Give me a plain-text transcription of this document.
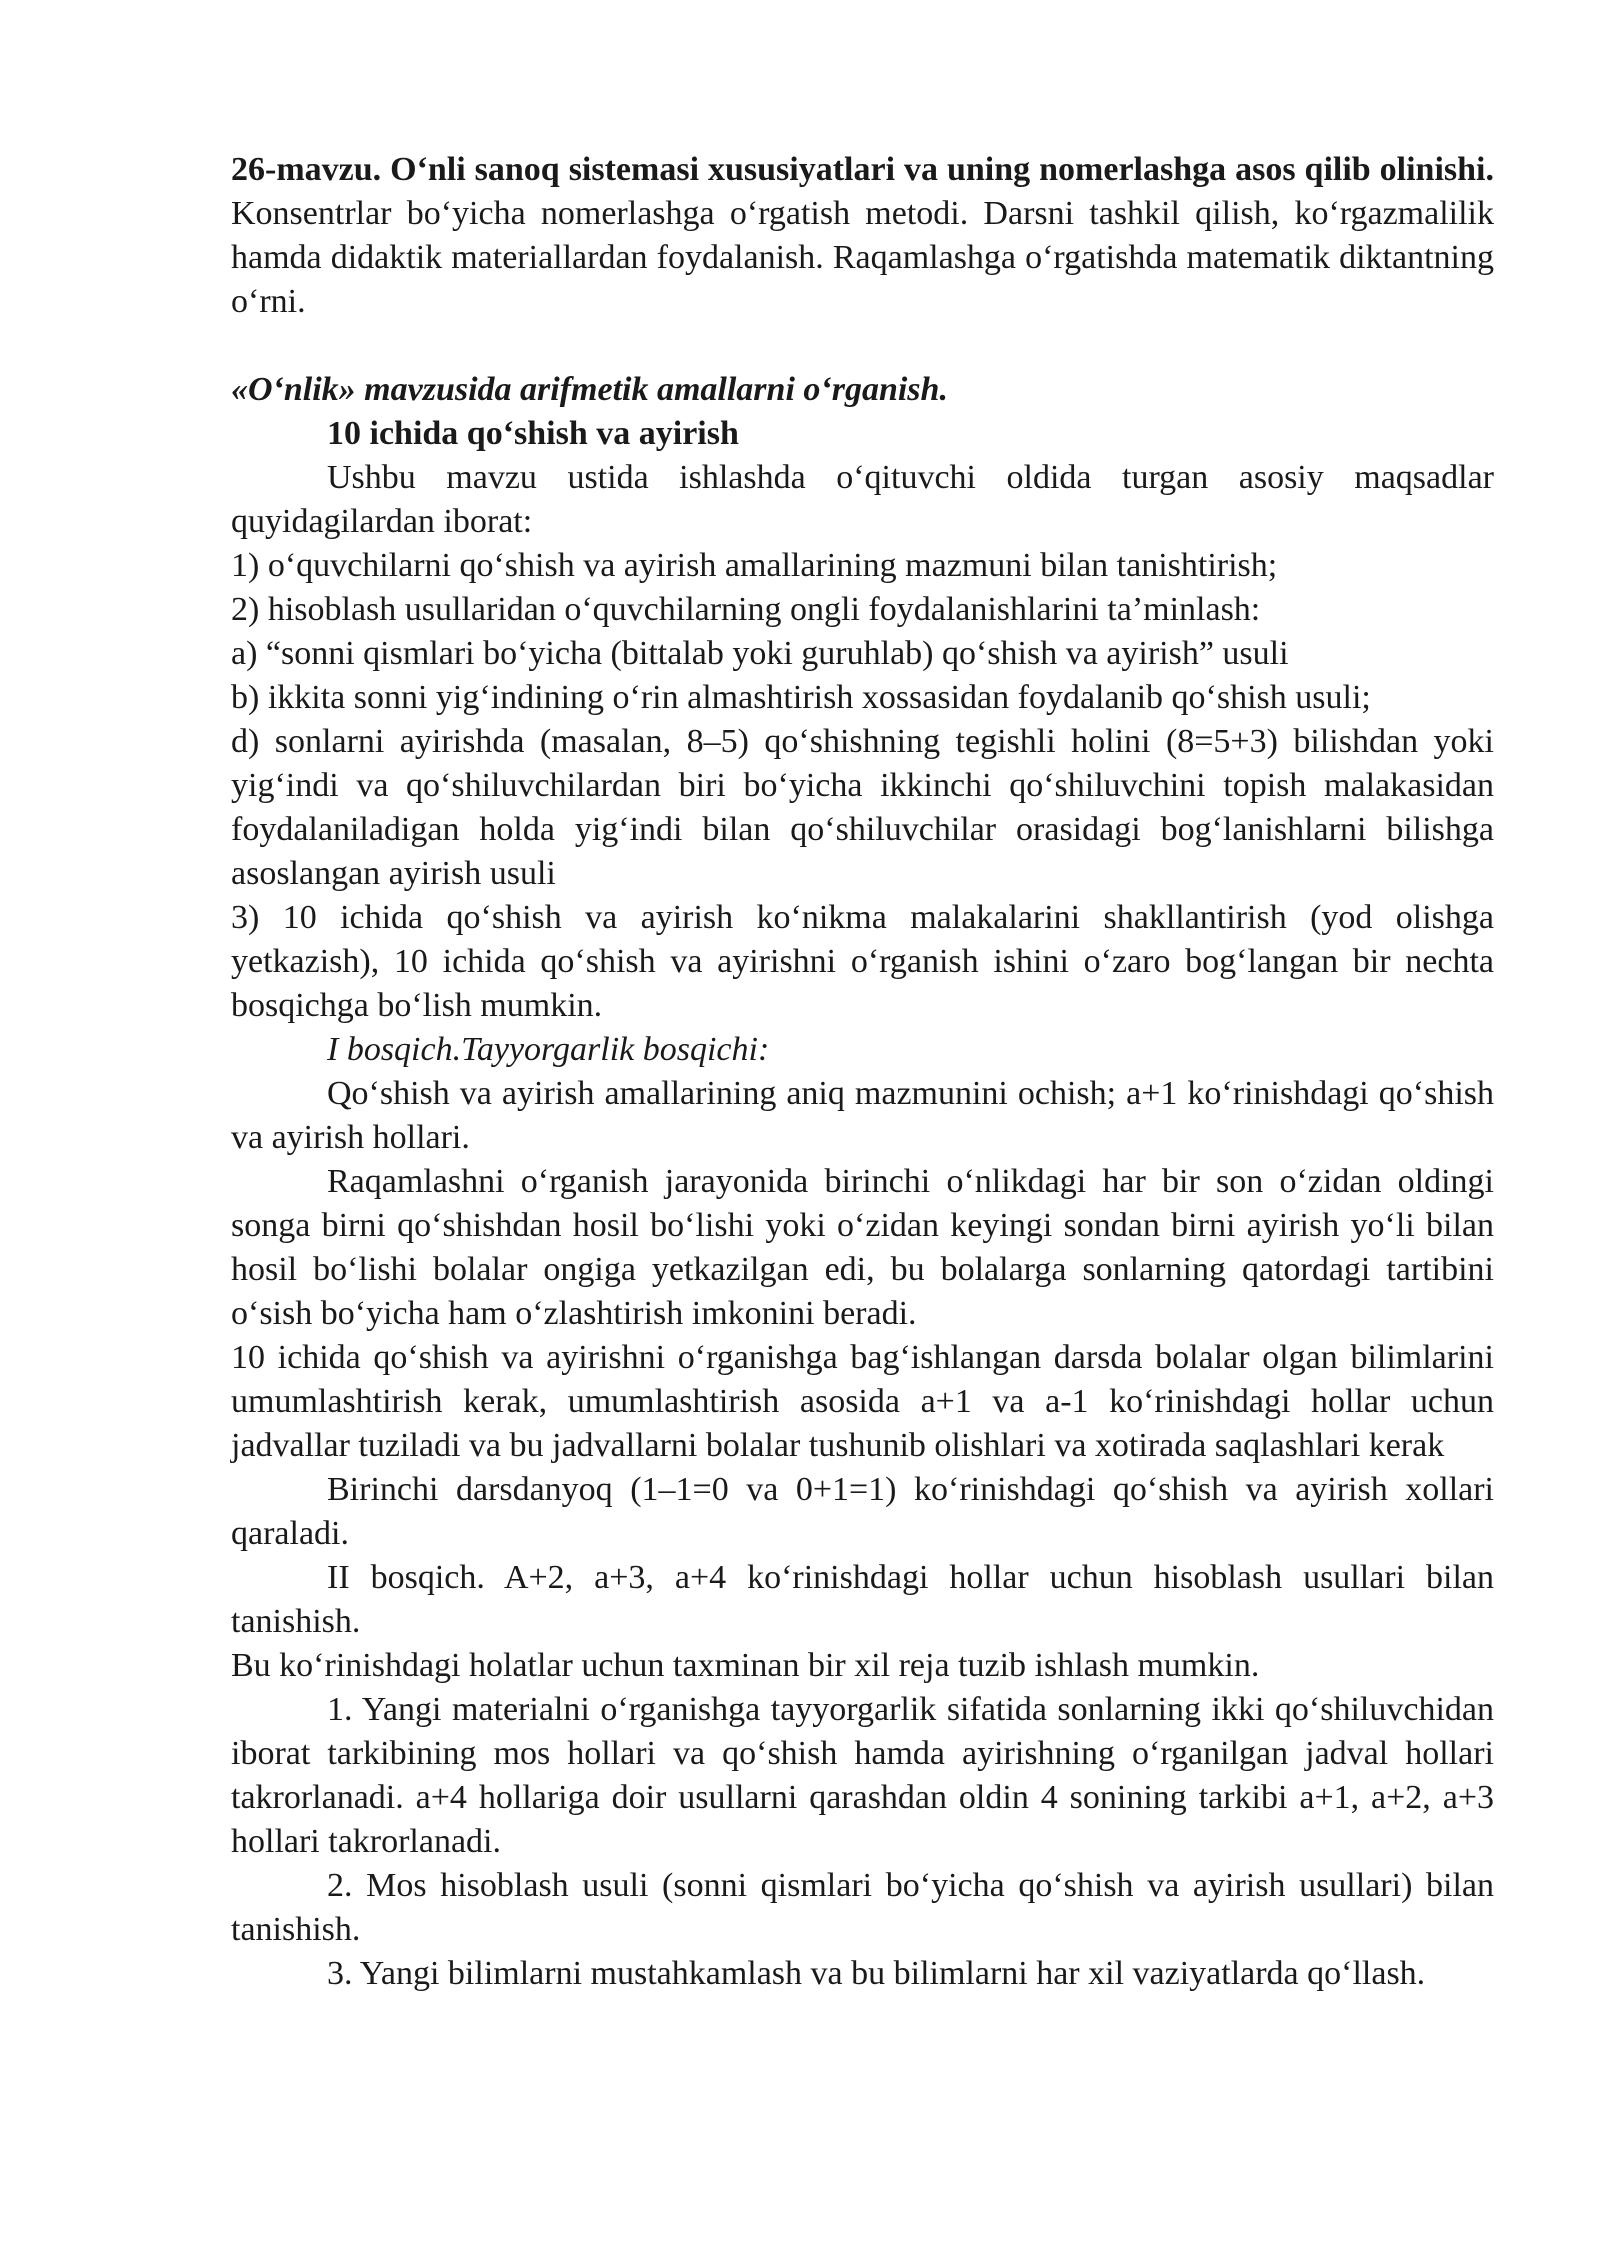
26-mavzu. O‘nli sanoq sistemasi xususiyatlari va uning nomerlashga asos qilib olinishi. Konsentrlar bo‘yicha nomerlashga o‘rgatish metodi. Darsni tashkil qilish, ko‘rgazmalilik hamda didaktik materiallardan foydalanish. Raqamlashga o‘rgatishda matematik diktantning o‘rni.

«O‘nlik» mavzusida arifmetik amallarni o‘rganish.

10 ichida qo‘shish va ayirish

Ushbu mavzu ustida ishlashda o‘qituvchi oldida turgan asosiy maqsadlar quyidagilardan iborat:

1) o‘quvchilarni qo‘shish va ayirish amallarining mazmuni bilan tanishtirish;

2) hisoblash usullaridan o‘quvchilarning ongli foydalanishlarini ta’minlash:

a) “sonni qismlari bo‘yicha (bittalab yoki guruhlab) qo‘shish va ayirish” usuli

b) ikkita sonni yig‘indining o‘rin almashtirish xossasidan foydalanib qo‘shish usuli;

d) sonlarni ayirishda (masalan, 8–5) qo‘shishning tegishli holini (8=5+3) bilishdan yoki yig‘indi va qo‘shiluvchilardan biri bo‘yicha ikkinchi qo‘shiluvchini topish malakasidan foydalaniladigan holda yig‘indi bilan qo‘shiluvchilar orasidagi bog‘lanishlarni bilishga asoslangan ayirish usuli

3) 10 ichida qo‘shish va ayirish ko‘nikma malakalarini shakllantirish (yod olishga yetkazish), 10 ichida qo‘shish va ayirishni o‘rganish ishini o‘zaro bog‘langan bir nechta bosqichga bo‘lish mumkin.

I bosqich.Tayyorgarlik bosqichi:

Qo‘shish va ayirish amallarining aniq mazmunini ochish; a+1 ko‘rinishdagi qo‘shish va ayirish hollari.

Raqamlashni o‘rganish jarayonida birinchi o‘nlikdagi har bir son o‘zidan oldingi songa birni qo‘shishdan hosil bo‘lishi yoki o‘zidan keyingi sondan birni ayirish yo‘li bilan hosil bo‘lishi bolalar ongiga yetkazilgan edi, bu bolalarga sonlarning qatordagi tartibini o‘sish bo‘yicha ham o‘zlashtirish imkonini beradi.

10 ichida qo‘shish va ayirishni o‘rganishga bag‘ishlangan darsda bolalar olgan bilimlarini umumlashtirish kerak, umumlashtirish asosida a+1 va a-1 ko‘rinishdagi hollar uchun jadvallar tuziladi va bu jadvallarni bolalar tushunib olishlari va xotirada saqlashlari kerak

Birinchi darsdanyoq (1–1=0 va 0+1=1) ko‘rinishdagi qo‘shish va ayirish xollari qaraladi.

II bosqich. A+2, a+3, a+4 ko‘rinishdagi hollar uchun hisoblash usullari bilan tanishish.

Bu ko‘rinishdagi holatlar uchun taxminan bir xil reja tuzib ishlash mumkin.

1. Yangi materialni o‘rganishga tayyorgarlik sifatida sonlarning ikki qo‘shiluvchidan iborat tarkibining mos hollari va qo‘shish hamda ayirishning o‘rganilgan jadval hollari takrorlanadi. a+4 hollariga doir usullarni qarashdan oldin 4 sonining tarkibi a+1, a+2, a+3 hollari takrorlanadi.

2. Mos hisoblash usuli (sonni qismlari bo‘yicha qo‘shish va ayirish usullari) bilan tanishish.

3. Yangi bilimlarni mustahkamlash va bu bilimlarni har xil vaziyatlarda qo‘llash.
